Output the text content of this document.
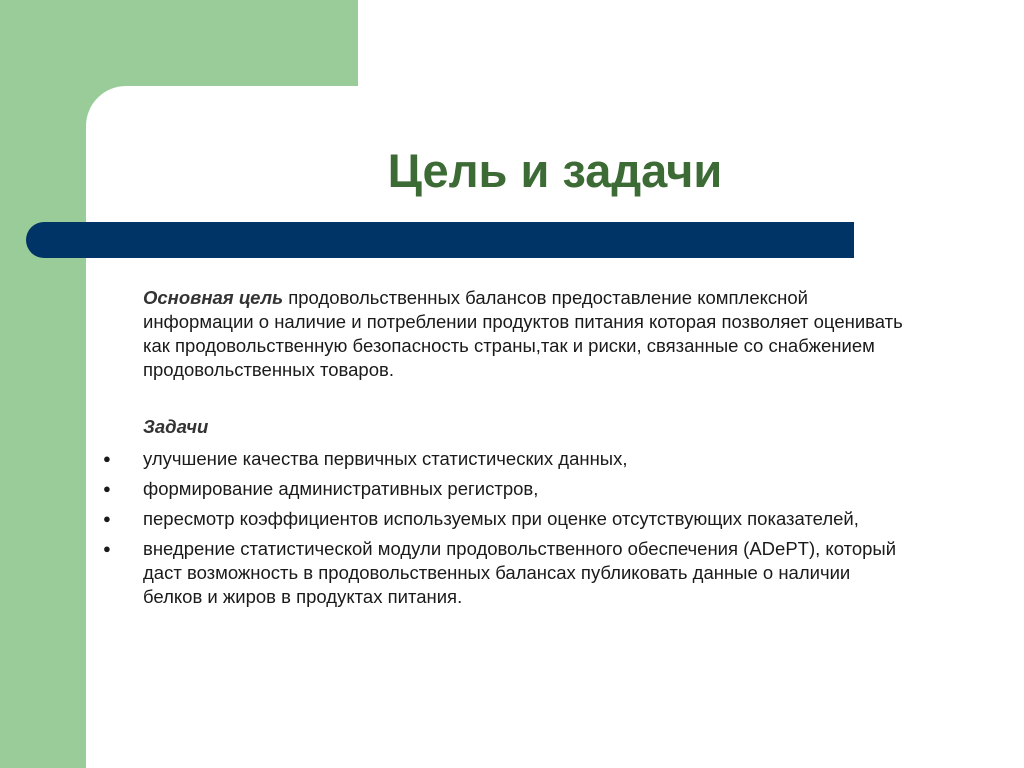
Цель и задачи

Основная цель продовольственных балансов предоставление комплексной информации о наличие и потреблении продуктов питания которая позволяет оценивать как продовольственную безопасность страны,так и риски, связанные со снабжением продовольственных товаров.

Задачи

● улучшение качества первичных статистических данных,
● формирование административных регистров,
● пересмотр коэффициентов используемых при оценке отсутствующих показателей,
● внедрение статистической модули продовольственного обеспечения (ADePT), который даст возможность в продовольственных балансах публиковать данные о наличии белков и жиров в продуктах питания.
